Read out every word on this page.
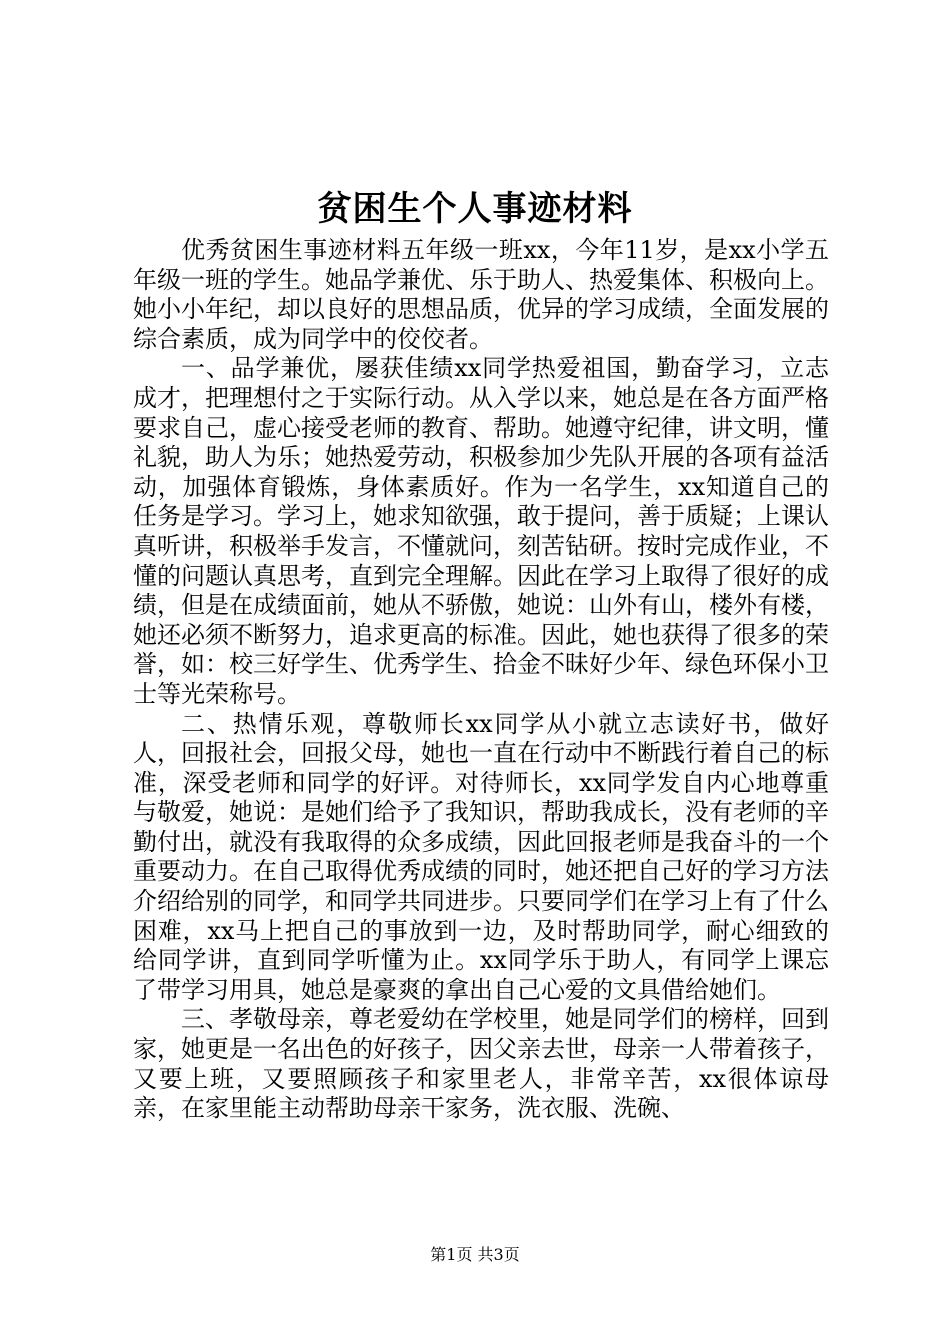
贫困生个人事迹材料

优秀贫困生事迹材料五年级一班xx，今年11岁，是xx小学五年级一班的学生。她品学兼优、乐于助人、热爱集体、积极向上。她小小年纪，却以良好的思想品质，优异的学习成绩，全面发展的综合素质，成为同学中的佼佼者。

一、品学兼优，屡获佳绩xx同学热爱祖国，勤奋学习，立志成才，把理想付之于实际行动。从入学以来，她总是在各方面严格要求自己，虚心接受老师的教育、帮助。她遵守纪律，讲文明，懂礼貌，助人为乐；她热爱劳动，积极参加少先队开展的各项有益活动，加强体育锻炼，身体素质好。作为一名学生，xx知道自己的任务是学习。学习上，她求知欲强，敢于提问，善于质疑；上课认真听讲，积极举手发言，不懂就问，刻苦钻研。按时完成作业，不懂的问题认真思考，直到完全理解。因此在学习上取得了很好的成绩，但是在成绩面前，她从不骄傲，她说：山外有山，楼外有楼，她还必须不断努力，追求更高的标准。因此，她也获得了很多的荣誉，如：校三好学生、优秀学生、拾金不昧好少年、绿色环保小卫士等光荣称号。

二、热情乐观，尊敬师长xx同学从小就立志读好书，做好人，回报社会，回报父母，她也一直在行动中不断践行着自己的标准，深受老师和同学的好评。对待师长，xx同学发自内心地尊重与敬爱，她说：是她们给予了我知识，帮助我成长，没有老师的辛勤付出，就没有我取得的众多成绩，因此回报老师是我奋斗的一个重要动力。在自己取得优秀成绩的同时，她还把自己好的学习方法介绍给别的同学，和同学共同进步。只要同学们在学习上有了什么困难，xx马上把自己的事放到一边，及时帮助同学，耐心细致的给同学讲，直到同学听懂为止。xx同学乐于助人，有同学上课忘了带学习用具，她总是豪爽的拿出自己心爱的文具借给她们。

三、孝敬母亲，尊老爱幼在学校里，她是同学们的榜样，回到家，她更是一名出色的好孩子，因父亲去世，母亲一人带着孩子，又要上班，又要照顾孩子和家里老人，非常辛苦，xx很体谅母亲，在家里能主动帮助母亲干家务，洗衣服、洗碗、

第1页 共3页
